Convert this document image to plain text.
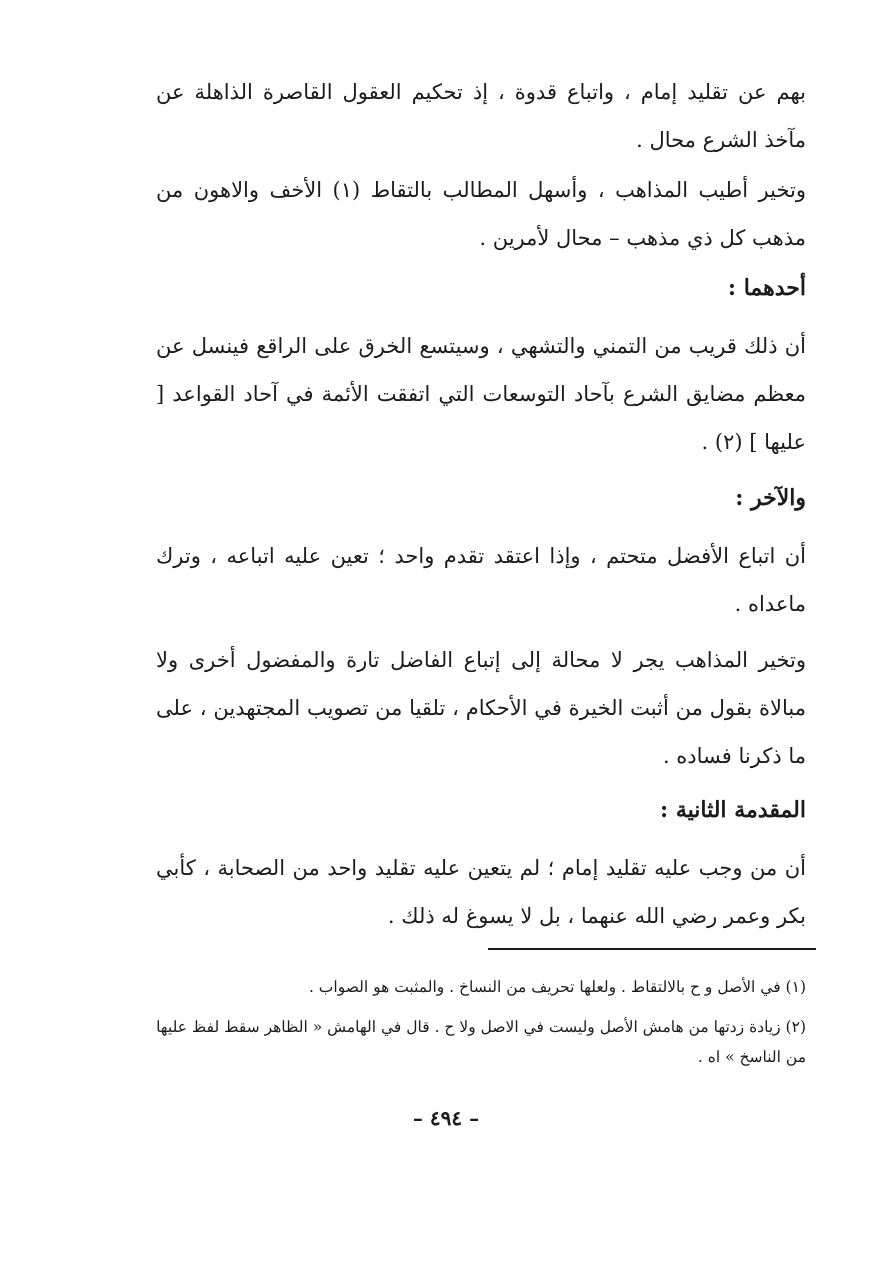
بهم عن تقليد إمام ، واتباع قدوة ، إذ تحكيم العقول القاصرة الذاهلة عن مآخذ الشرع محال .

وتخير أطيب المذاهب ، وأسهل المطالب بالتقاط (١) الأخف والاهون من مذهب كل ذي مذهب – محال لأمرين .

أحدهما :

أن ذلك قريب من التمني والتشهي ، وسيتسع الخرق على الراقع فينسل عن معظم مضايق الشرع بآحاد التوسعات التي اتفقت الأئمة في آحاد القواعد [ عليها ] (٢) .

والآخر :

أن اتباع الأفضل متحتم ، وإذا اعتقد تقدم واحد ؛ تعين عليه اتباعه ، وترك ماعداه .

وتخير المذاهب يجر لا محالة إلى إتباع الفاضل تارة والمفضول أخرى ولا مبالاة بقول من أثبت الخيرة في الأحكام ، تلقيا من تصويب المجتهدين ، على ما ذكرنا فساده .

المقدمة الثانية :

أن من وجب عليه تقليد إمام ؛ لم يتعين عليه تقليد واحد من الصحابة ، كأبي بكر وعمر رضي الله عنهما ، بل لا يسوغ له ذلك .

(١) في الأصل و ح بالالتقاط . ولعلها تحريف من النساخ . والمثبت هو الصواب .

(٢) زيادة زدتها من هامش الأصل وليست في الاصل ولا ح . قال في الهامش « الظاهر سقط لفظ عليها من الناسخ » اه .

– ٤٩٤ –
